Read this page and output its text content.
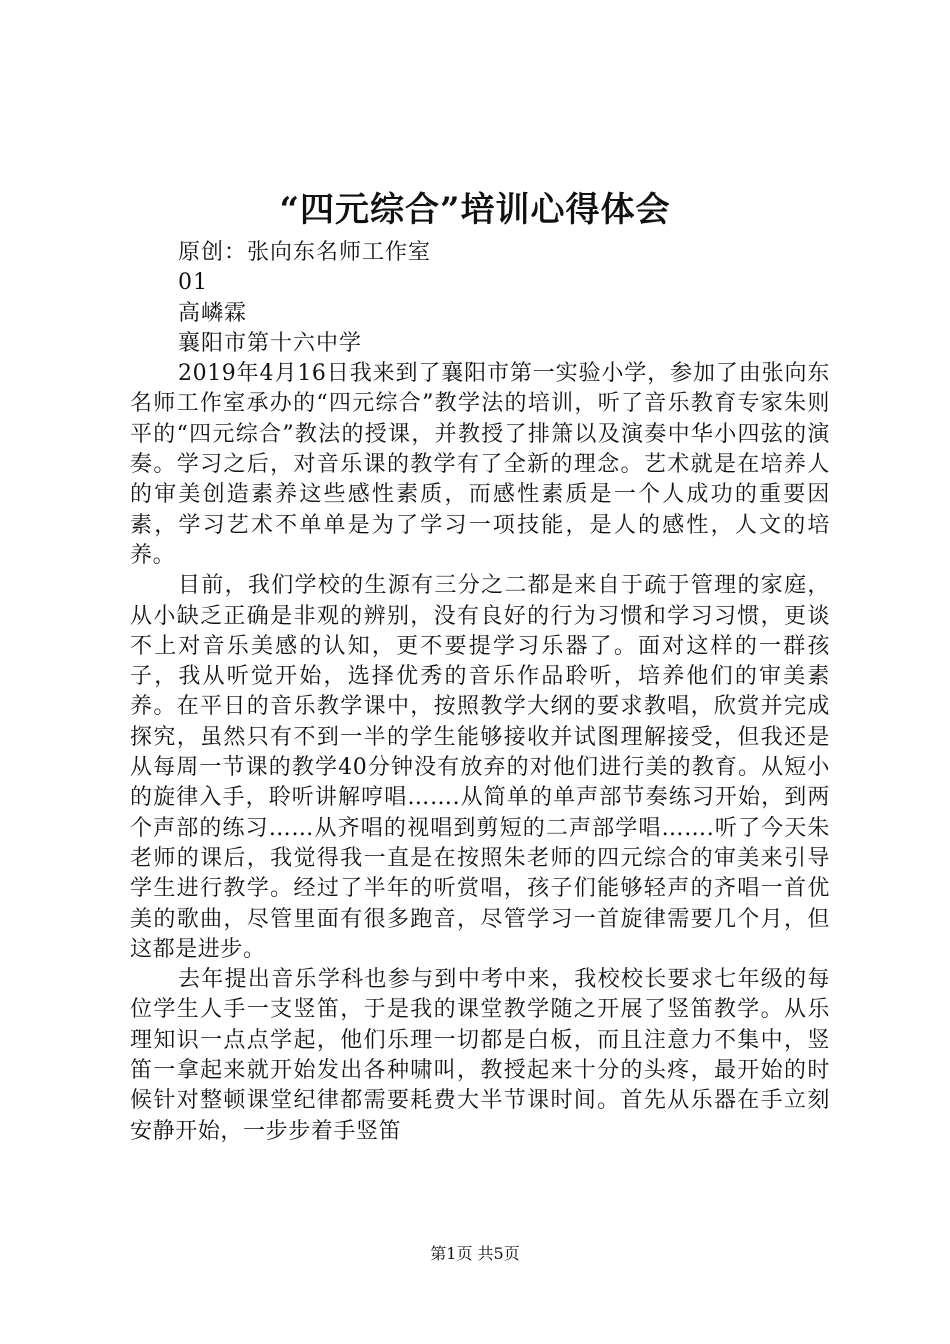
“四元综合”培训心得体会
原创：张向东名师工作室
01
高嶙霖
襄阳市第十六中学

2019年4月16日我来到了襄阳市第一实验小学，参加了由张向东名师工作室承办的“四元综合”教学法的培训，听了音乐教育专家朱则平的“四元综合”教法的授课，并教授了排箫以及演奏中华小四弦的演奏。学习之后，对音乐课的教学有了全新的理念。艺术就是在培养人的审美创造素养这些感性素质，而感性素质是一个人成功的重要因素，学习艺术不单单是为了学习一项技能，是人的感性，人文的培养。

目前，我们学校的生源有三分之二都是来自于疏于管理的家庭，从小缺乏正确是非观的辨别，没有良好的行为习惯和学习习惯，更谈不上对音乐美感的认知，更不要提学习乐器了。面对这样的一群孩子，我从听觉开始，选择优秀的音乐作品聆听，培养他们的审美素养。在平日的音乐教学课中，按照教学大纲的要求教唱，欣赏并完成探究，虽然只有不到一半的学生能够接收并试图理解接受，但我还是从每周一节课的教学40分钟没有放弃的对他们进行美的教育。从短小的旋律入手，聆听讲解哼唱…….从简单的单声部节奏练习开始，到两个声部的练习……从齐唱的视唱到剪短的二声部学唱…….听了今天朱老师的课后，我觉得我一直是在按照朱老师的四元综合的审美来引导学生进行教学。经过了半年的听赏唱，孩子们能够轻声的齐唱一首优美的歌曲，尽管里面有很多跑音，尽管学习一首旋律需要几个月，但这都是进步。

去年提出音乐学科也参与到中考中来，我校校长要求七年级的每位学生人手一支竖笛，于是我的课堂教学随之开展了竖笛教学。从乐理知识一点点学起，他们乐理一切都是白板，而且注意力不集中，竖笛一拿起来就开始发出各种啸叫，教授起来十分的头疼，最开始的时候针对整顿课堂纪律都需要耗费大半节课时间。首先从乐器在手立刻安静开始，一步步着手竖笛

第1页 共5页
